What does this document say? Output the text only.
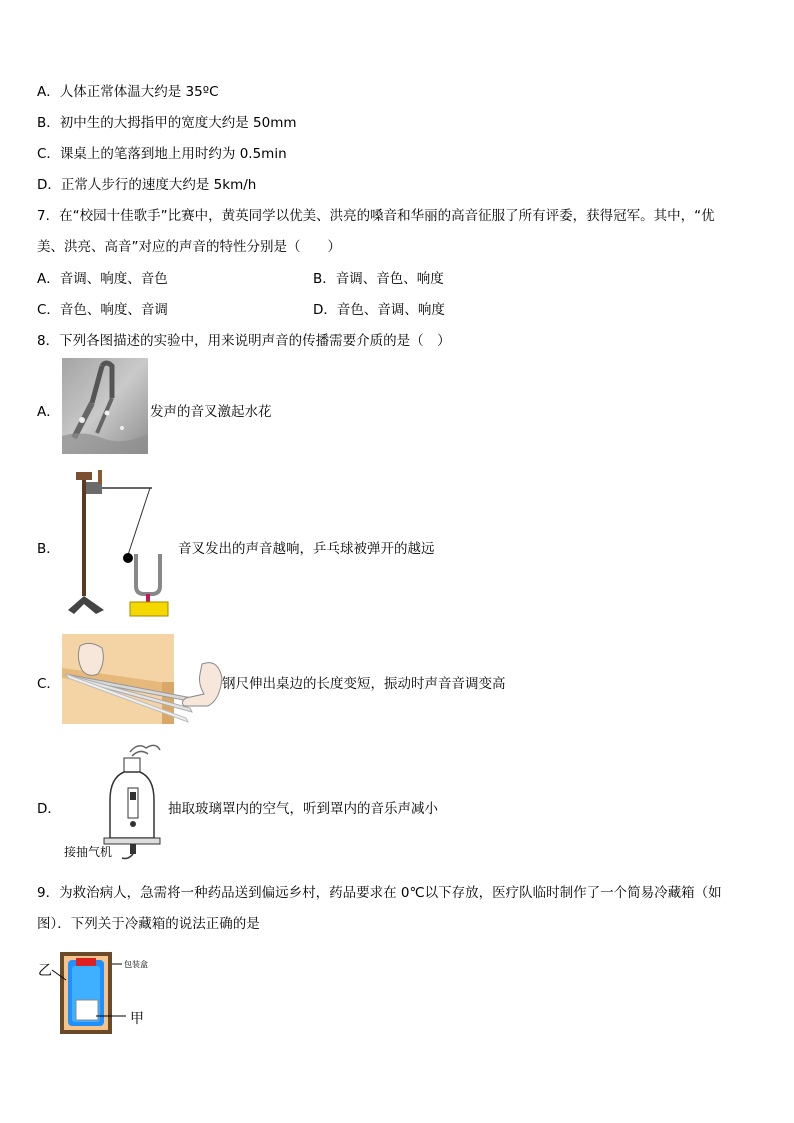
A．人体正常体温大约是 35ºC
B．初中生的大拇指甲的宽度大约是 50mm
C．课桌上的笔落到地上用时约为 0.5min
D．正常人步行的速度大约是 5km/h
7．在“校园十佳歌手”比赛中，黄英同学以优美、洪亮的嗓音和华丽的高音征服了所有评委，获得冠军。其中，“优
美、洪亮、高音”对应的声音的特性分别是（　　）
A．音调、响度、音色	B．音调、音色、响度
C．音色、响度、音调	D．音色、音调、响度
8．下列各图描述的实验中，用来说明声音的传播需要介质的是（　）
A．	发声的音叉激起水花
B．	音叉发出的声音越响，乒乓球被弹开的越远
C．	钢尺伸出桌边的长度变短，振动时声音音调变高
D．
接抽气机
抽取玻璃罩内的空气，听到罩内的音乐声减小
9．为救治病人，急需将一种药品送到偏远乡村，药品要求在 0℃以下存放，医疗队临时制作了一个简易冷藏箱（如
图）．下列关于冷藏箱的说法正确的是
乙	包装盒
甲
